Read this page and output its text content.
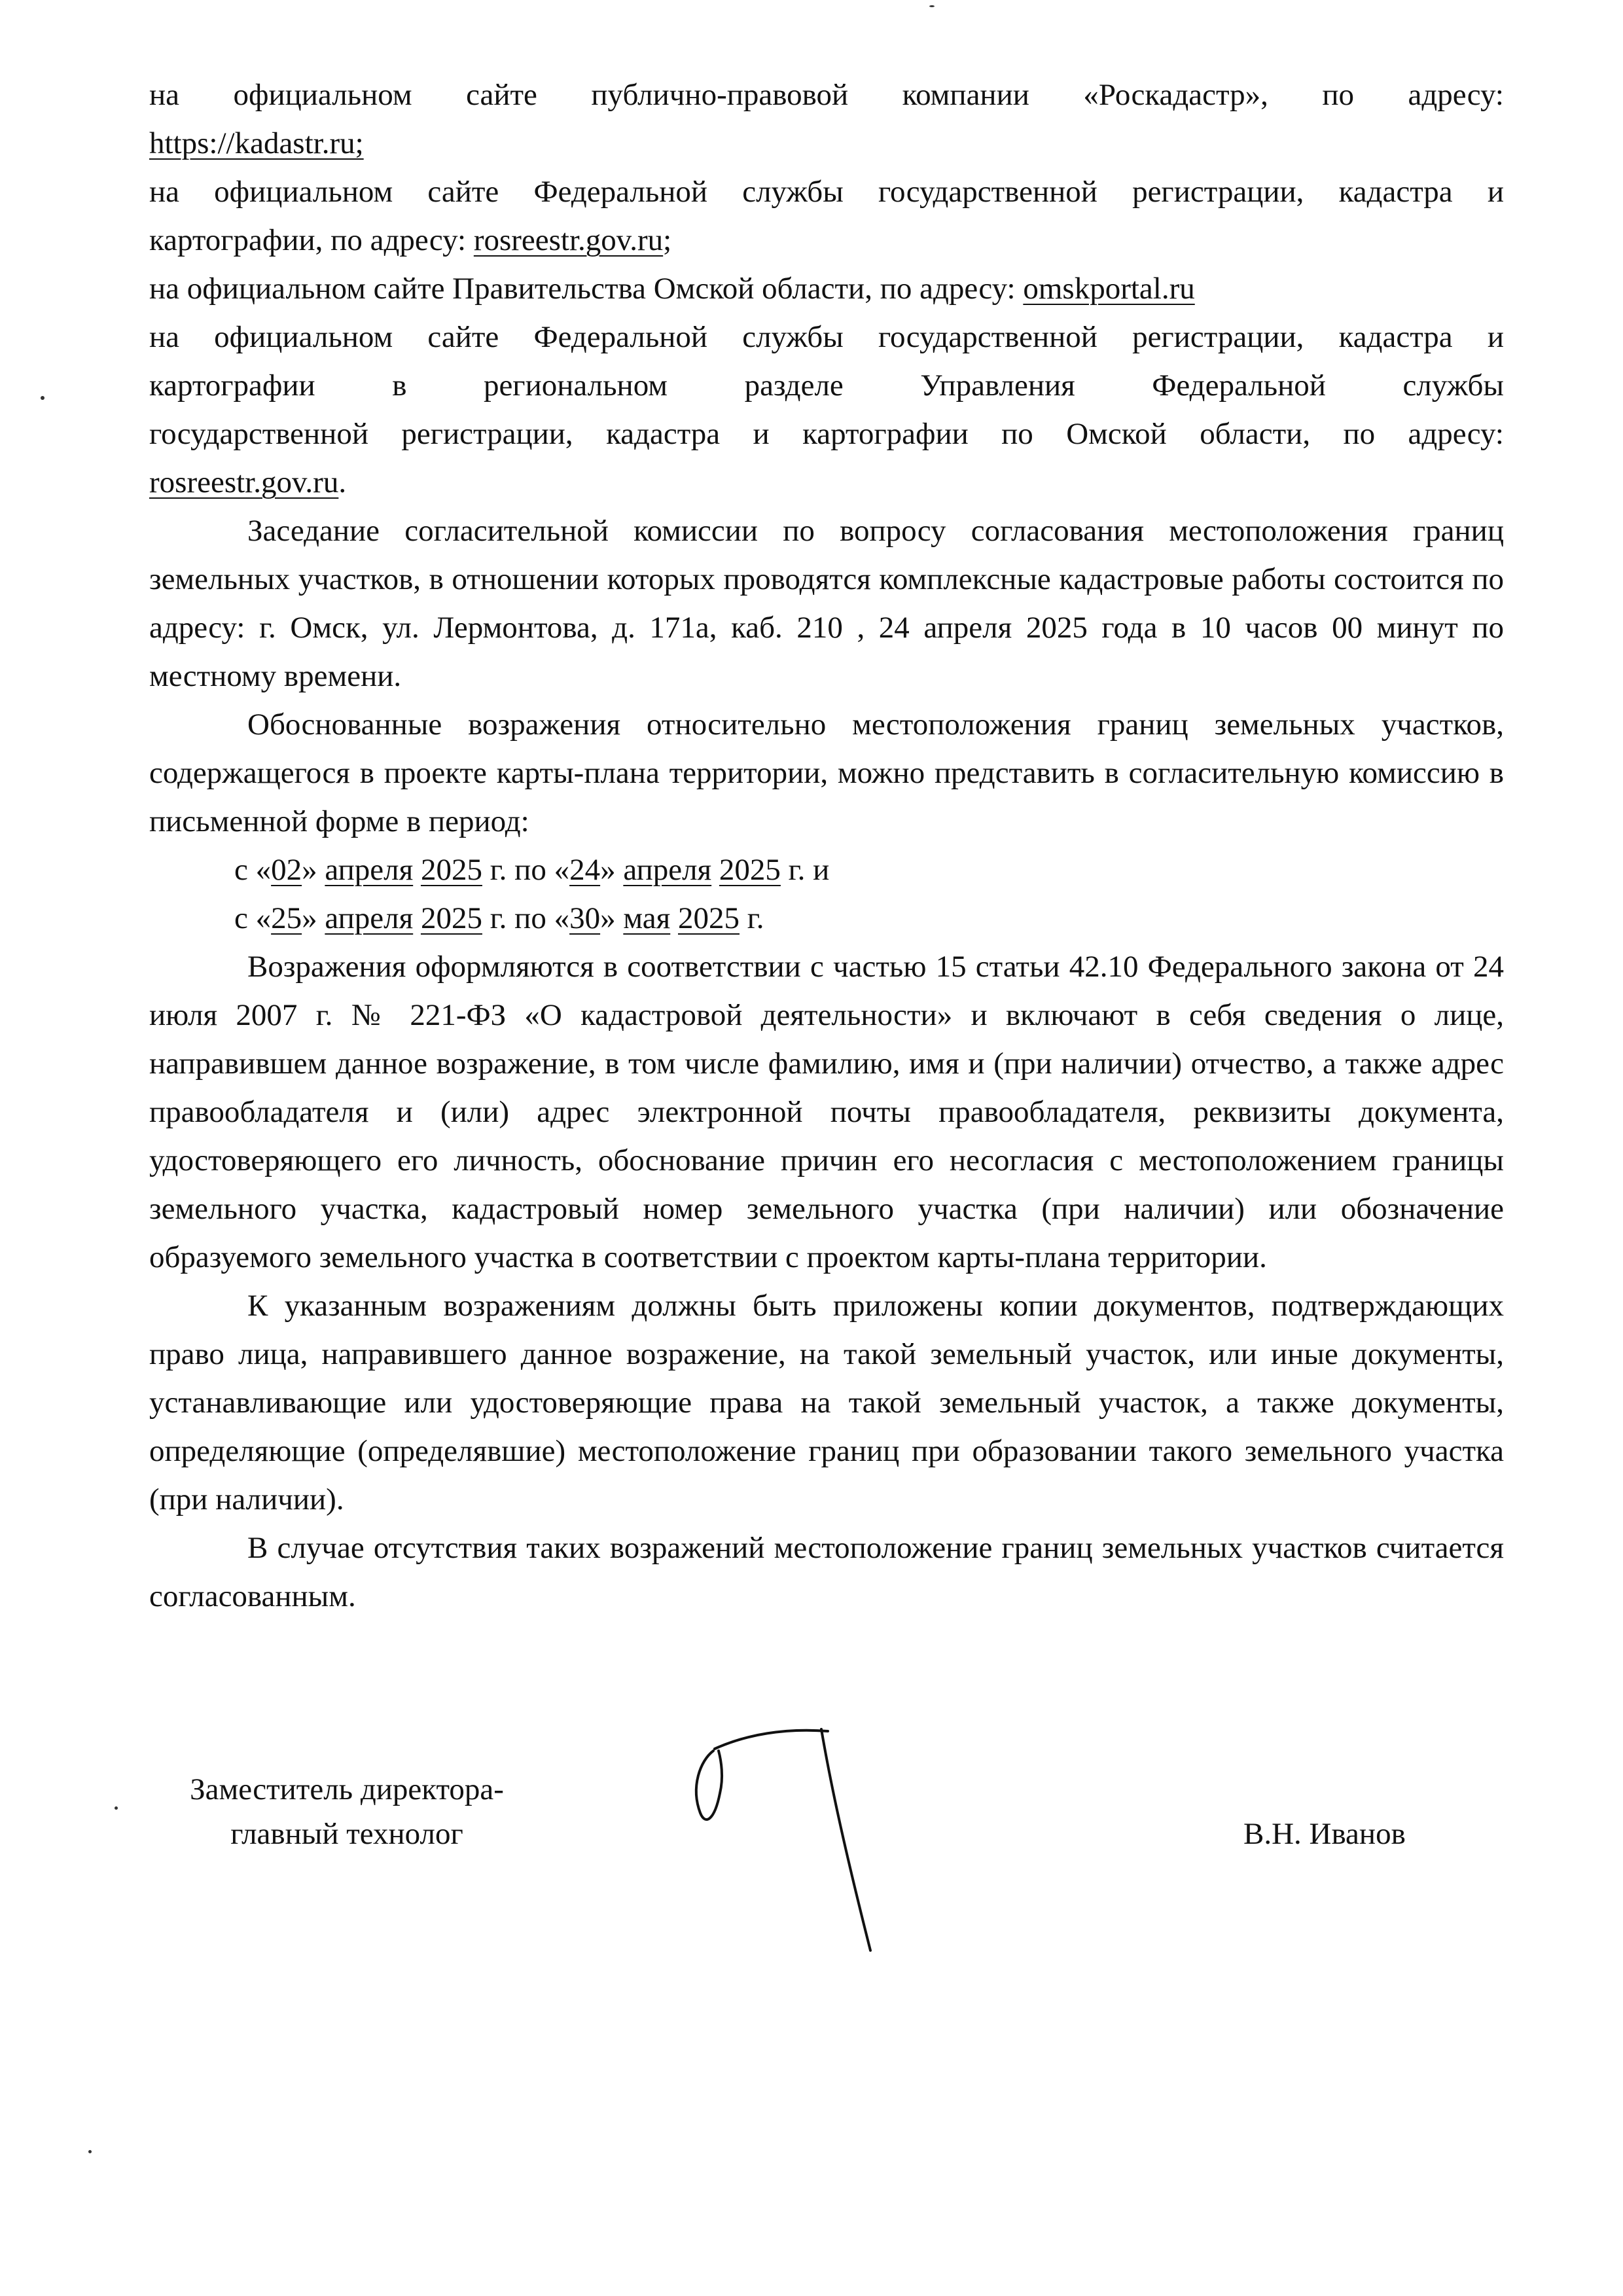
на официальном сайте публично-правовой компании «Роскадастр», по адресу:
https://kadastr.ru;
на официальном сайте Федеральной службы государственной регистрации, кадастра и
картографии, по адресу: rosreestr.gov.ru;
на официальном сайте Правительства Омской области, по адресу: omskportal.ru
на официальном сайте Федеральной службы государственной регистрации, кадастра и
картографии в региональном разделе Управления Федеральной службы
государственной регистрации, кадастра и картографии по Омской области, по адресу:
rosreestr.gov.ru.

Заседание согласительной комиссии по вопросу согласования местоположения границ земельных участков, в отношении которых проводятся комплексные кадастровые работы состоится по адресу: г. Омск, ул. Лермонтова, д. 171а, каб. 210 , 24 апреля 2025 года в 10 часов 00 минут по местному времени.

Обоснованные возражения относительно местоположения границ земельных участков, содержащегося в проекте карты-плана территории, можно представить в согласительную комиссию в письменной форме в период:

с «02» апреля 2025 г. по «24» апреля 2025 г. и
с «25» апреля 2025 г. по «30» мая 2025 г.

Возражения оформляются в соответствии с частью 15 статьи 42.10 Федерального закона от 24 июля 2007 г. № 221-ФЗ «О кадастровой деятельности» и включают в себя сведения о лице, направившем данное возражение, в том числе фамилию, имя и (при наличии) отчество, а также адрес правообладателя и (или) адрес электронной почты правообладателя, реквизиты документа, удостоверяющего его личность, обоснование причин его несогласия с местоположением границы земельного участка, кадастровый номер земельного участка (при наличии) или обозначение образуемого земельного участка в соответствии с проектом карты-плана территории.

К указанным возражениям должны быть приложены копии документов, подтверждающих право лица, направившего данное возражение, на такой земельный участок, или иные документы, устанавливающие или удостоверяющие права на такой земельный участок, а также документы, определяющие (определявшие) местоположение границ при образовании такого земельного участка (при наличии).

В случае отсутствия таких возражений местоположение границ земельных участков считается согласованным.

Заместитель директора-
главный технолог	В.Н. Иванов
